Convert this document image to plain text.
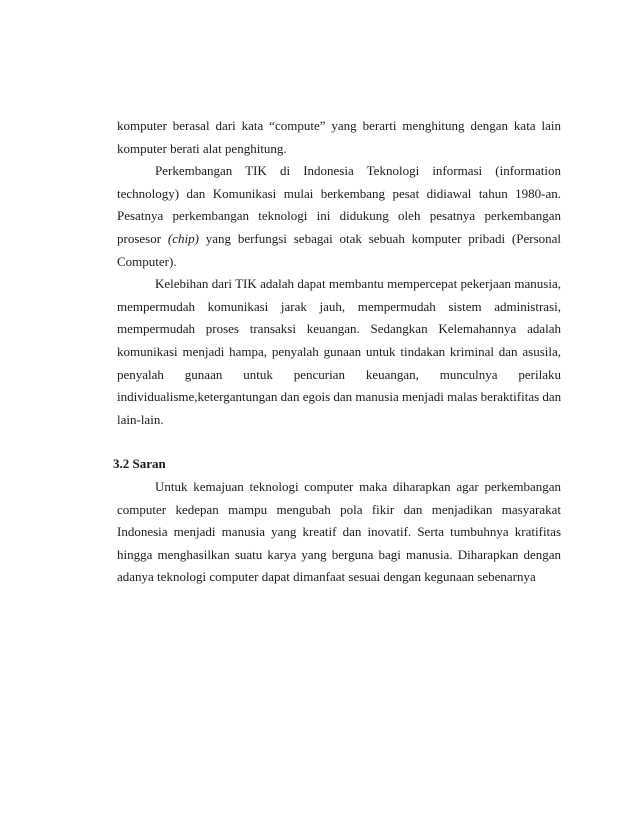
komputer berasal dari kata “compute” yang berarti menghitung dengan kata lain
komputer berati alat penghitung.
Perkembangan TIK di Indonesia Teknologi informasi (information
technology) dan Komunikasi mulai berkembang pesat didiawal tahun 1980-an.
Pesatnya perkembangan teknologi ini didukung oleh pesatnya perkembangan
prosesor (chip) yang berfungsi sebagai otak sebuah komputer pribadi (Personal
Computer).
Kelebihan dari TIK adalah dapat membantu mempercepat pekerjaan manusia,
mempermudah komunikasi jarak jauh, mempermudah sistem administrasi,
mempermudah proses transaksi keuangan. Sedangkan Kelemahannya adalah
komunikasi menjadi hampa, penyalah gunaan untuk tindakan kriminal dan asusila,
penyalah gunaan untuk pencurian keuangan, munculnya perilaku
individualisme,ketergantungan dan egois dan manusia menjadi malas beraktifitas dan
lain-lain.
3.2 Saran
Untuk kemajuan teknologi computer maka diharapkan agar perkembangan
computer kedepan mampu mengubah pola fikir dan menjadikan masyarakat
Indonesia menjadi manusia yang kreatif dan inovatif. Serta tumbuhnya kratifitas
hingga menghasilkan suatu karya yang berguna bagi manusia. Diharapkan dengan
adanya teknologi computer dapat dimanfaat sesuai dengan kegunaan sebenarnya
